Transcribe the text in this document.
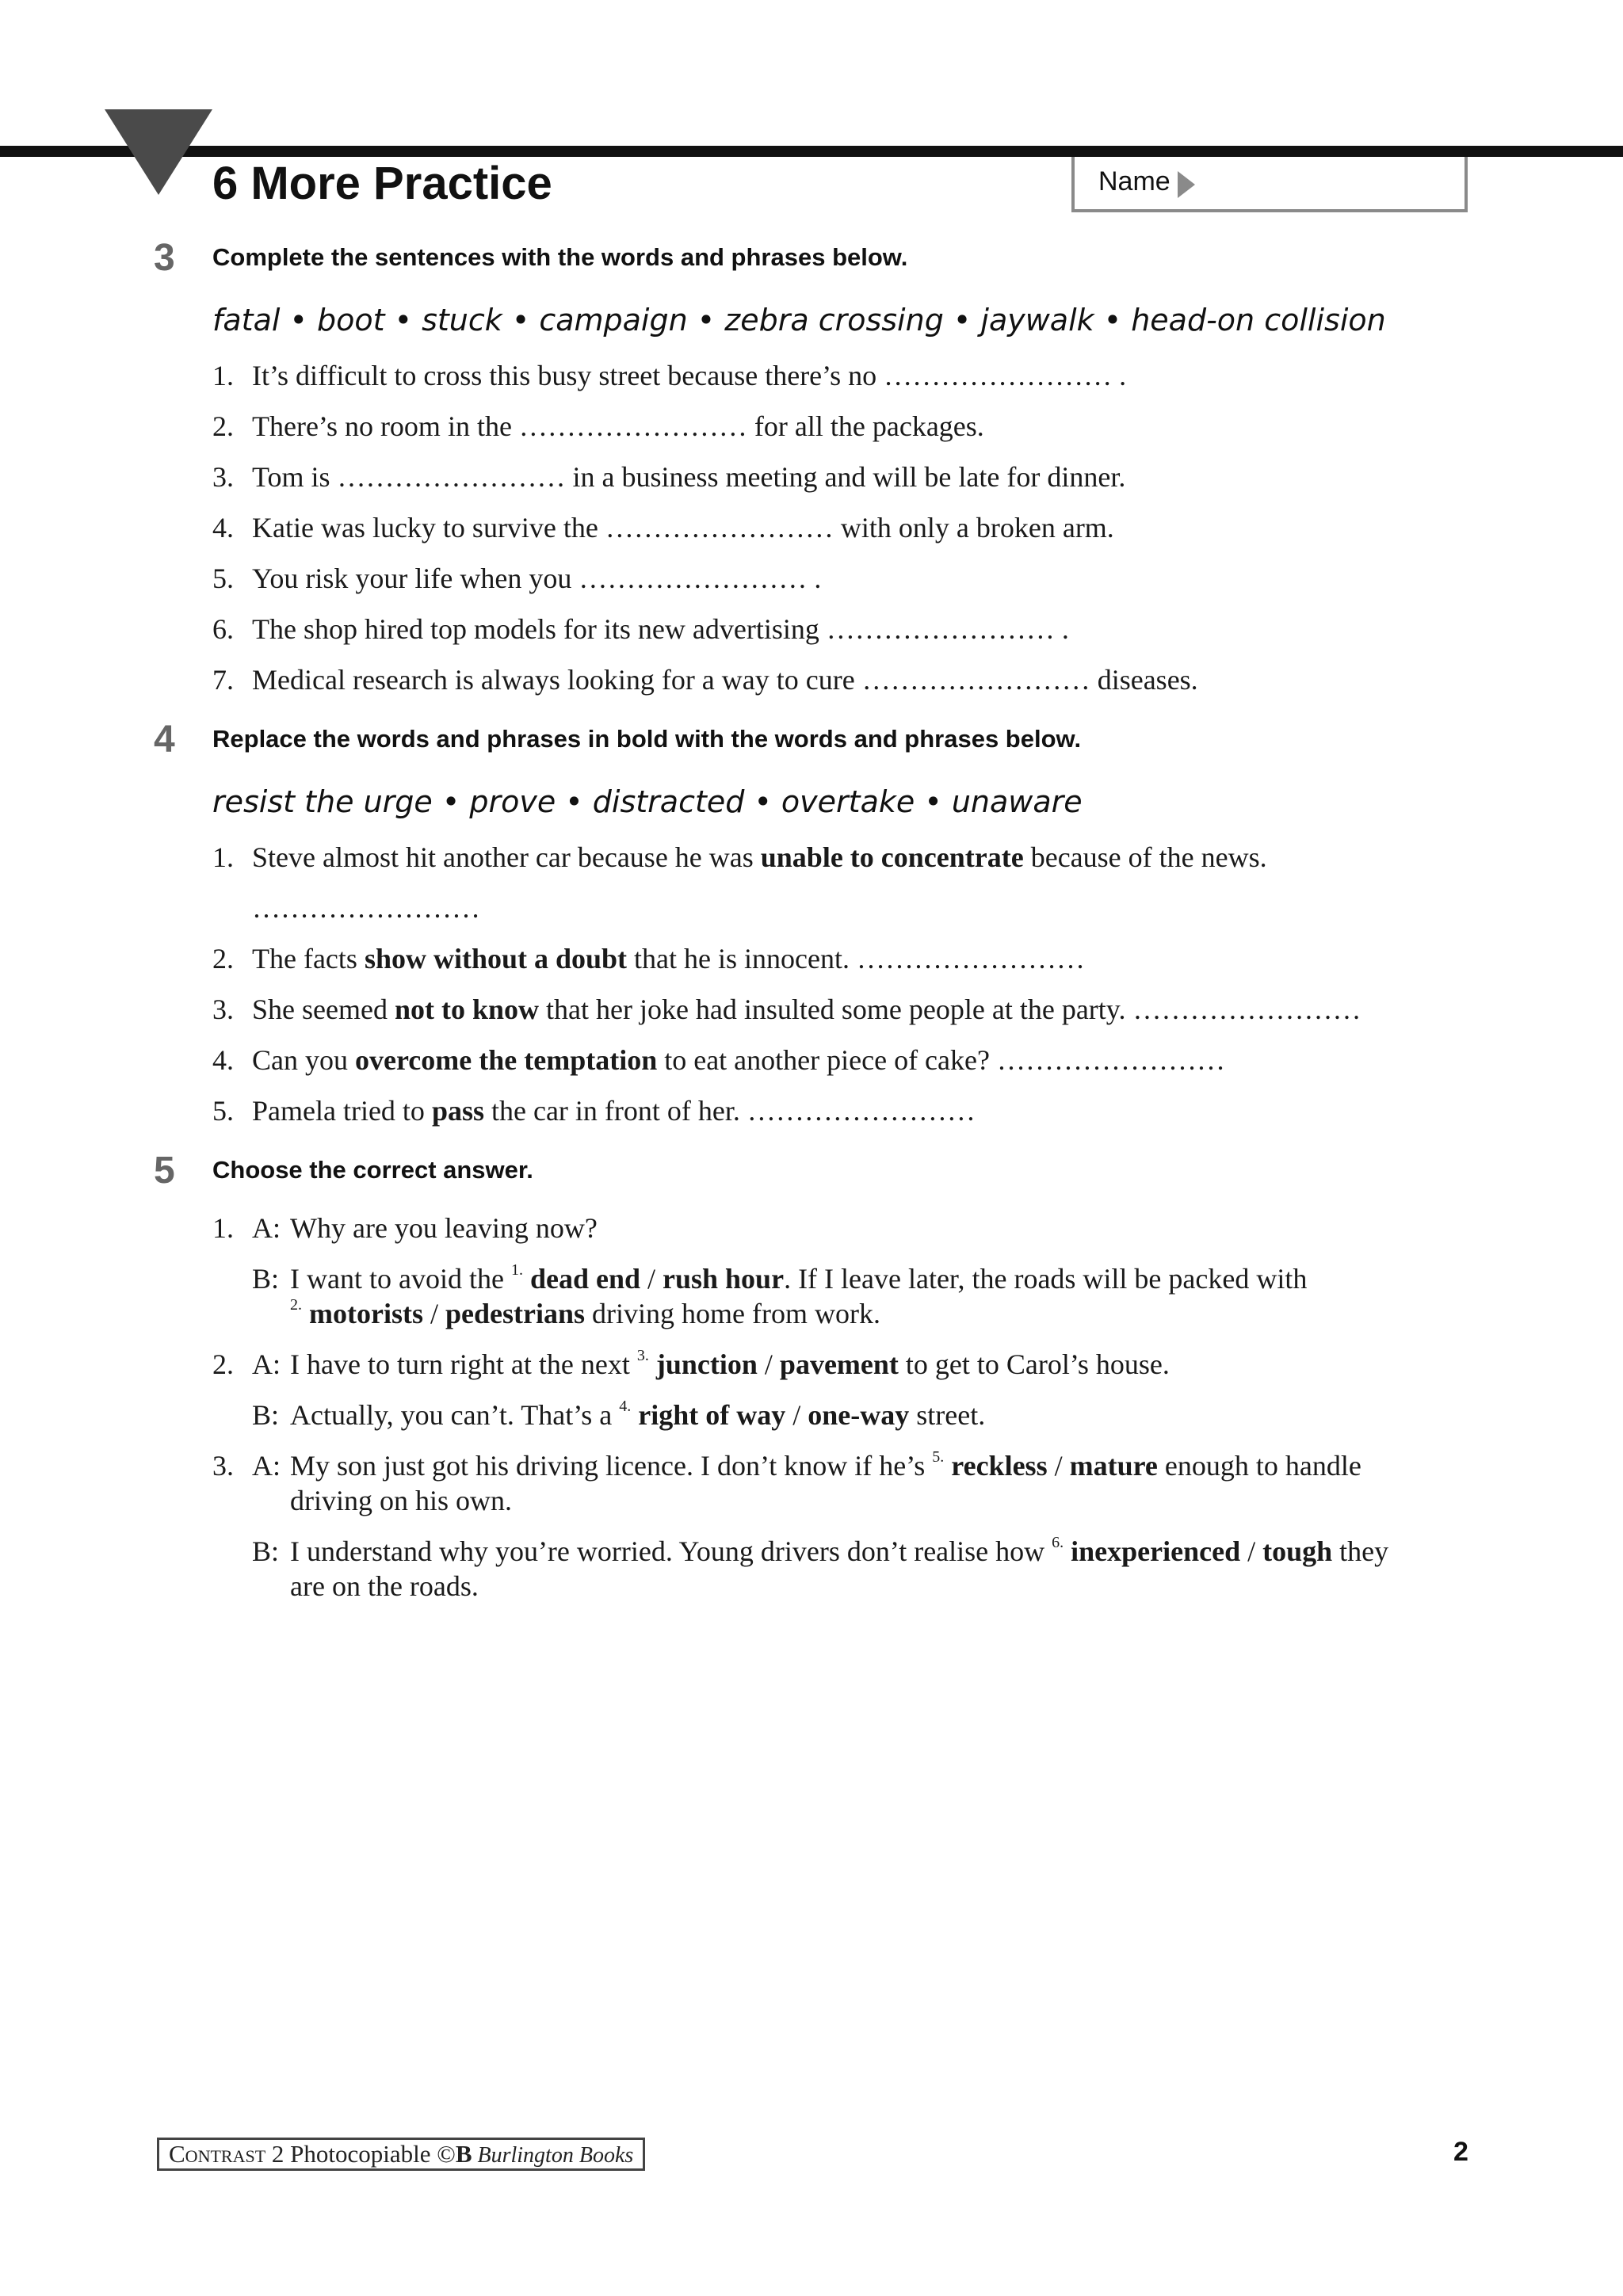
6 More Practice	Name
3 Complete the sentences with the words and phrases below.
fatal • boot • stuck • campaign • zebra crossing • jaywalk • head-on collision
1. It’s difficult to cross this busy street because there’s no …………………… .
2. There’s no room in the …………………… for all the packages.
3. Tom is …………………… in a business meeting and will be late for dinner.
4. Katie was lucky to survive the …………………… with only a broken arm.
5. You risk your life when you …………………… .
6. The shop hired top models for its new advertising …………………… .
7. Medical research is always looking for a way to cure …………………… diseases.
4 Replace the words and phrases in bold with the words and phrases below.
resist the urge • prove • distracted • overtake • unaware
1. Steve almost hit another car because he was unable to concentrate because of the news.
……………………
2. The facts show without a doubt that he is innocent. ……………………
3. She seemed not to know that her joke had insulted some people at the party. ……………………
4. Can you overcome the temptation to eat another piece of cake? ……………………
5. Pamela tried to pass the car in front of her. ……………………
5 Choose the correct answer.
1. A: Why are you leaving now?
B: I want to avoid the $^{1.}$ dead end / rush hour. If I leave later, the roads will be packed with
$^{2.}$ motorists / pedestrians driving home from work.
2. A: I have to turn right at the next $^{3.}$ junction / pavement to get to Carol’s house.
B: Actually, you can’t. That’s a $^{4.}$ right of way / one-way street.
3. A: My son just got his driving licence. I don’t know if he’s $^{5.}$ reckless / mature enough to handle
driving on his own.
B: I understand why you’re worried. Young drivers don’t realise how $^{6.}$ inexperienced / tough they
are on the roads.
Contrast 2 Photocopiable ©B Burlington Books	2
